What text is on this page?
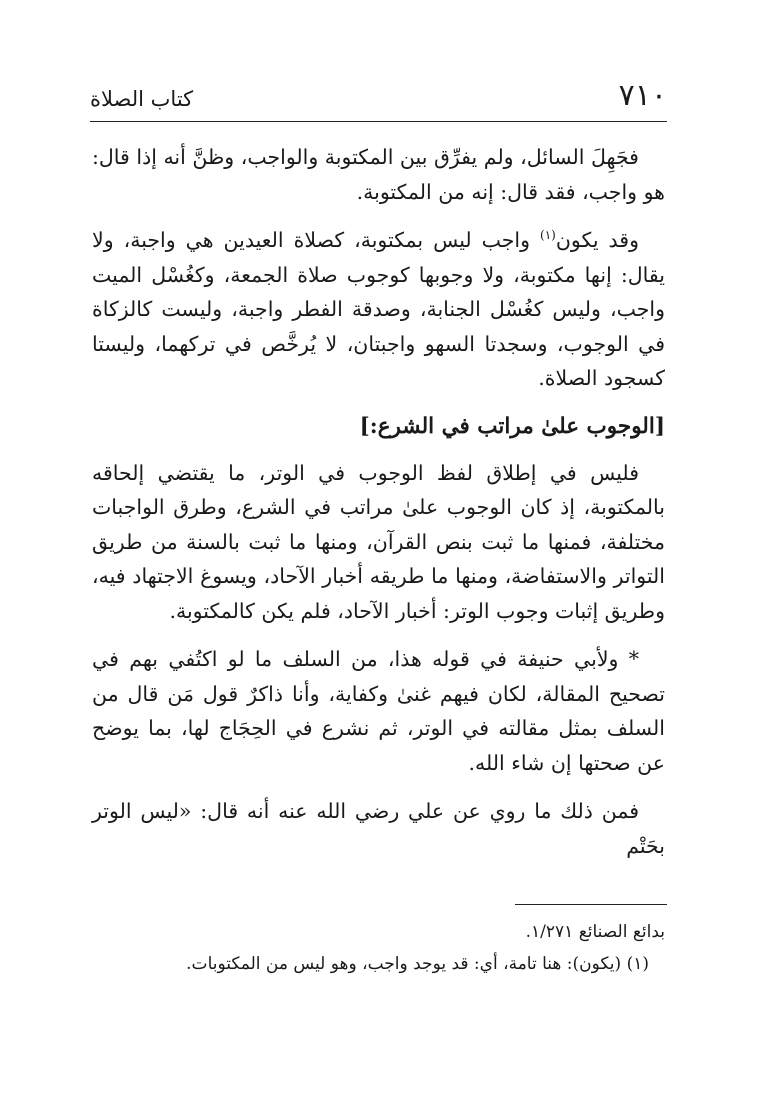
٧١٠
كتاب الصلاة

فجَهِلَ السائل، ولم يفرِّق بين المكتوبة والواجب، وظنَّ أنه إذا قال: هو واجب، فقد قال: إنه من المكتوبة.

وقد يكون$^{(١)}$ واجب ليس بمكتوبة، كصلاة العيدين هي واجبة، ولا يقال: إنها مكتوبة، ولا وجوبها كوجوب صلاة الجمعة، وكغُسْل الميت واجب، وليس كغُسْل الجنابة، وصدقة الفطر واجبة، وليست كالزكاة في الوجوب، وسجدتا السهو واجبتان، لا يُرخَّص في تركهما، وليستا كسجود الصلاة.

[الوجوب علىٰ مراتب في الشرع:]

فليس في إطلاق لفظ الوجوب في الوتر، ما يقتضي إلحاقه بالمكتوبة، إذ كان الوجوب علىٰ مراتب في الشرع، وطرق الواجبات مختلفة، فمنها ما ثبت بنص القرآن، ومنها ما ثبت بالسنة من طريق التواتر والاستفاضة، ومنها ما طريقه أخبار الآحاد، ويسوغ الاجتهاد فيه، وطريق إثبات وجوب الوتر: أخبار الآحاد، فلم يكن كالمكتوبة.

* ولأبي حنيفة في قوله هذا، من السلف ما لو اكتُفي بهم في تصحيح المقالة، لكان فيهم غنىٰ وكفاية، وأنا ذاكرٌ قول مَن قال من السلف بمثل مقالته في الوتر، ثم نشرع في الحِجَاج لها، بما يوضح عن صحتها إن شاء الله.

فمن ذلك ما روي عن علي رضي الله عنه أنه قال: «ليس الوتر بحَتْم

بدائع الصنائع ١/٢٧١.

(١) (يكون): هنا تامة، أي: قد يوجد واجب، وهو ليس من المكتوبات.
